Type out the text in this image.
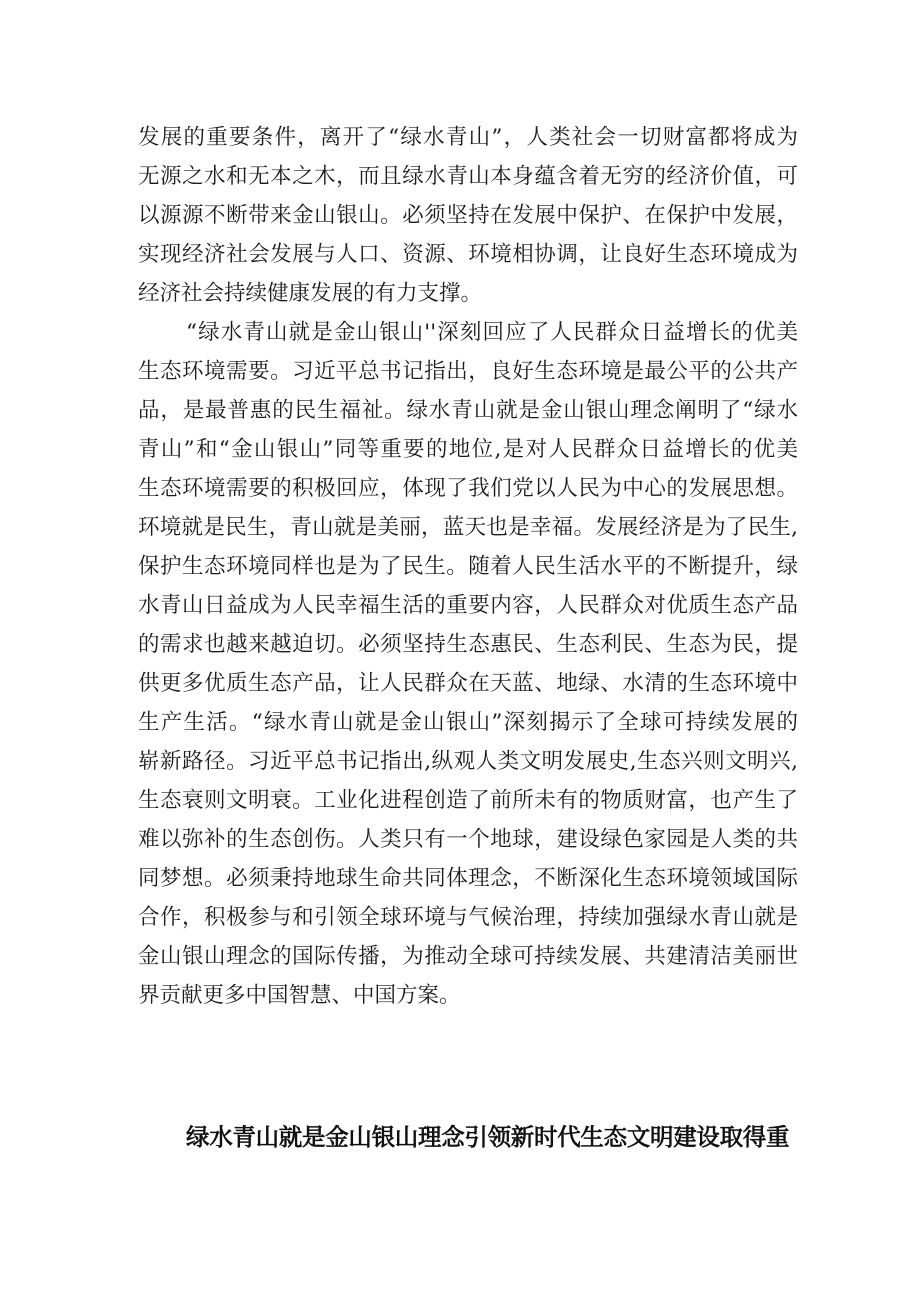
发展的重要条件，离开了“绿水青山”，人类社会一切财富都将成为
无源之水和无本之木，而且绿水青山本身蕴含着无穷的经济价值，可
以源源不断带来金山银山。必须坚持在发展中保护、在保护中发展，
实现经济社会发展与人口、资源、环境相协调，让良好生态环境成为
经济社会持续健康发展的有力支撑。
“绿水青山就是金山银山''深刻回应了人民群众日益增长的优美
生态环境需要。习近平总书记指出，良好生态环境是最公平的公共产
品，是最普惠的民生福祉。绿水青山就是金山银山理念阐明了“绿水
青山”和“金山银山”同等重要的地位,是对人民群众日益增长的优美
生态环境需要的积极回应，体现了我们党以人民为中心的发展思想。
环境就是民生，青山就是美丽，蓝天也是幸福。发展经济是为了民生,
保护生态环境同样也是为了民生。随着人民生活水平的不断提升，绿
水青山日益成为人民幸福生活的重要内容，人民群众对优质生态产品
的需求也越来越迫切。必须坚持生态惠民、生态利民、生态为民，提
供更多优质生态产品，让人民群众在天蓝、地绿、水清的生态环境中
生产生活。“绿水青山就是金山银山”深刻揭示了全球可持续发展的
崭新路径。习近平总书记指出,纵观人类文明发展史,生态兴则文明兴,
生态衰则文明衰。工业化进程创造了前所未有的物质财富，也产生了
难以弥补的生态创伤。人类只有一个地球，建设绿色家园是人类的共
同梦想。必须秉持地球生命共同体理念，不断深化生态环境领域国际
合作，积极参与和引领全球环境与气候治理，持续加强绿水青山就是
金山银山理念的国际传播，为推动全球可持续发展、共建清洁美丽世
界贡献更多中国智慧、中国方案。
绿水青山就是金山银山理念引领新时代生态文明建设取得重
